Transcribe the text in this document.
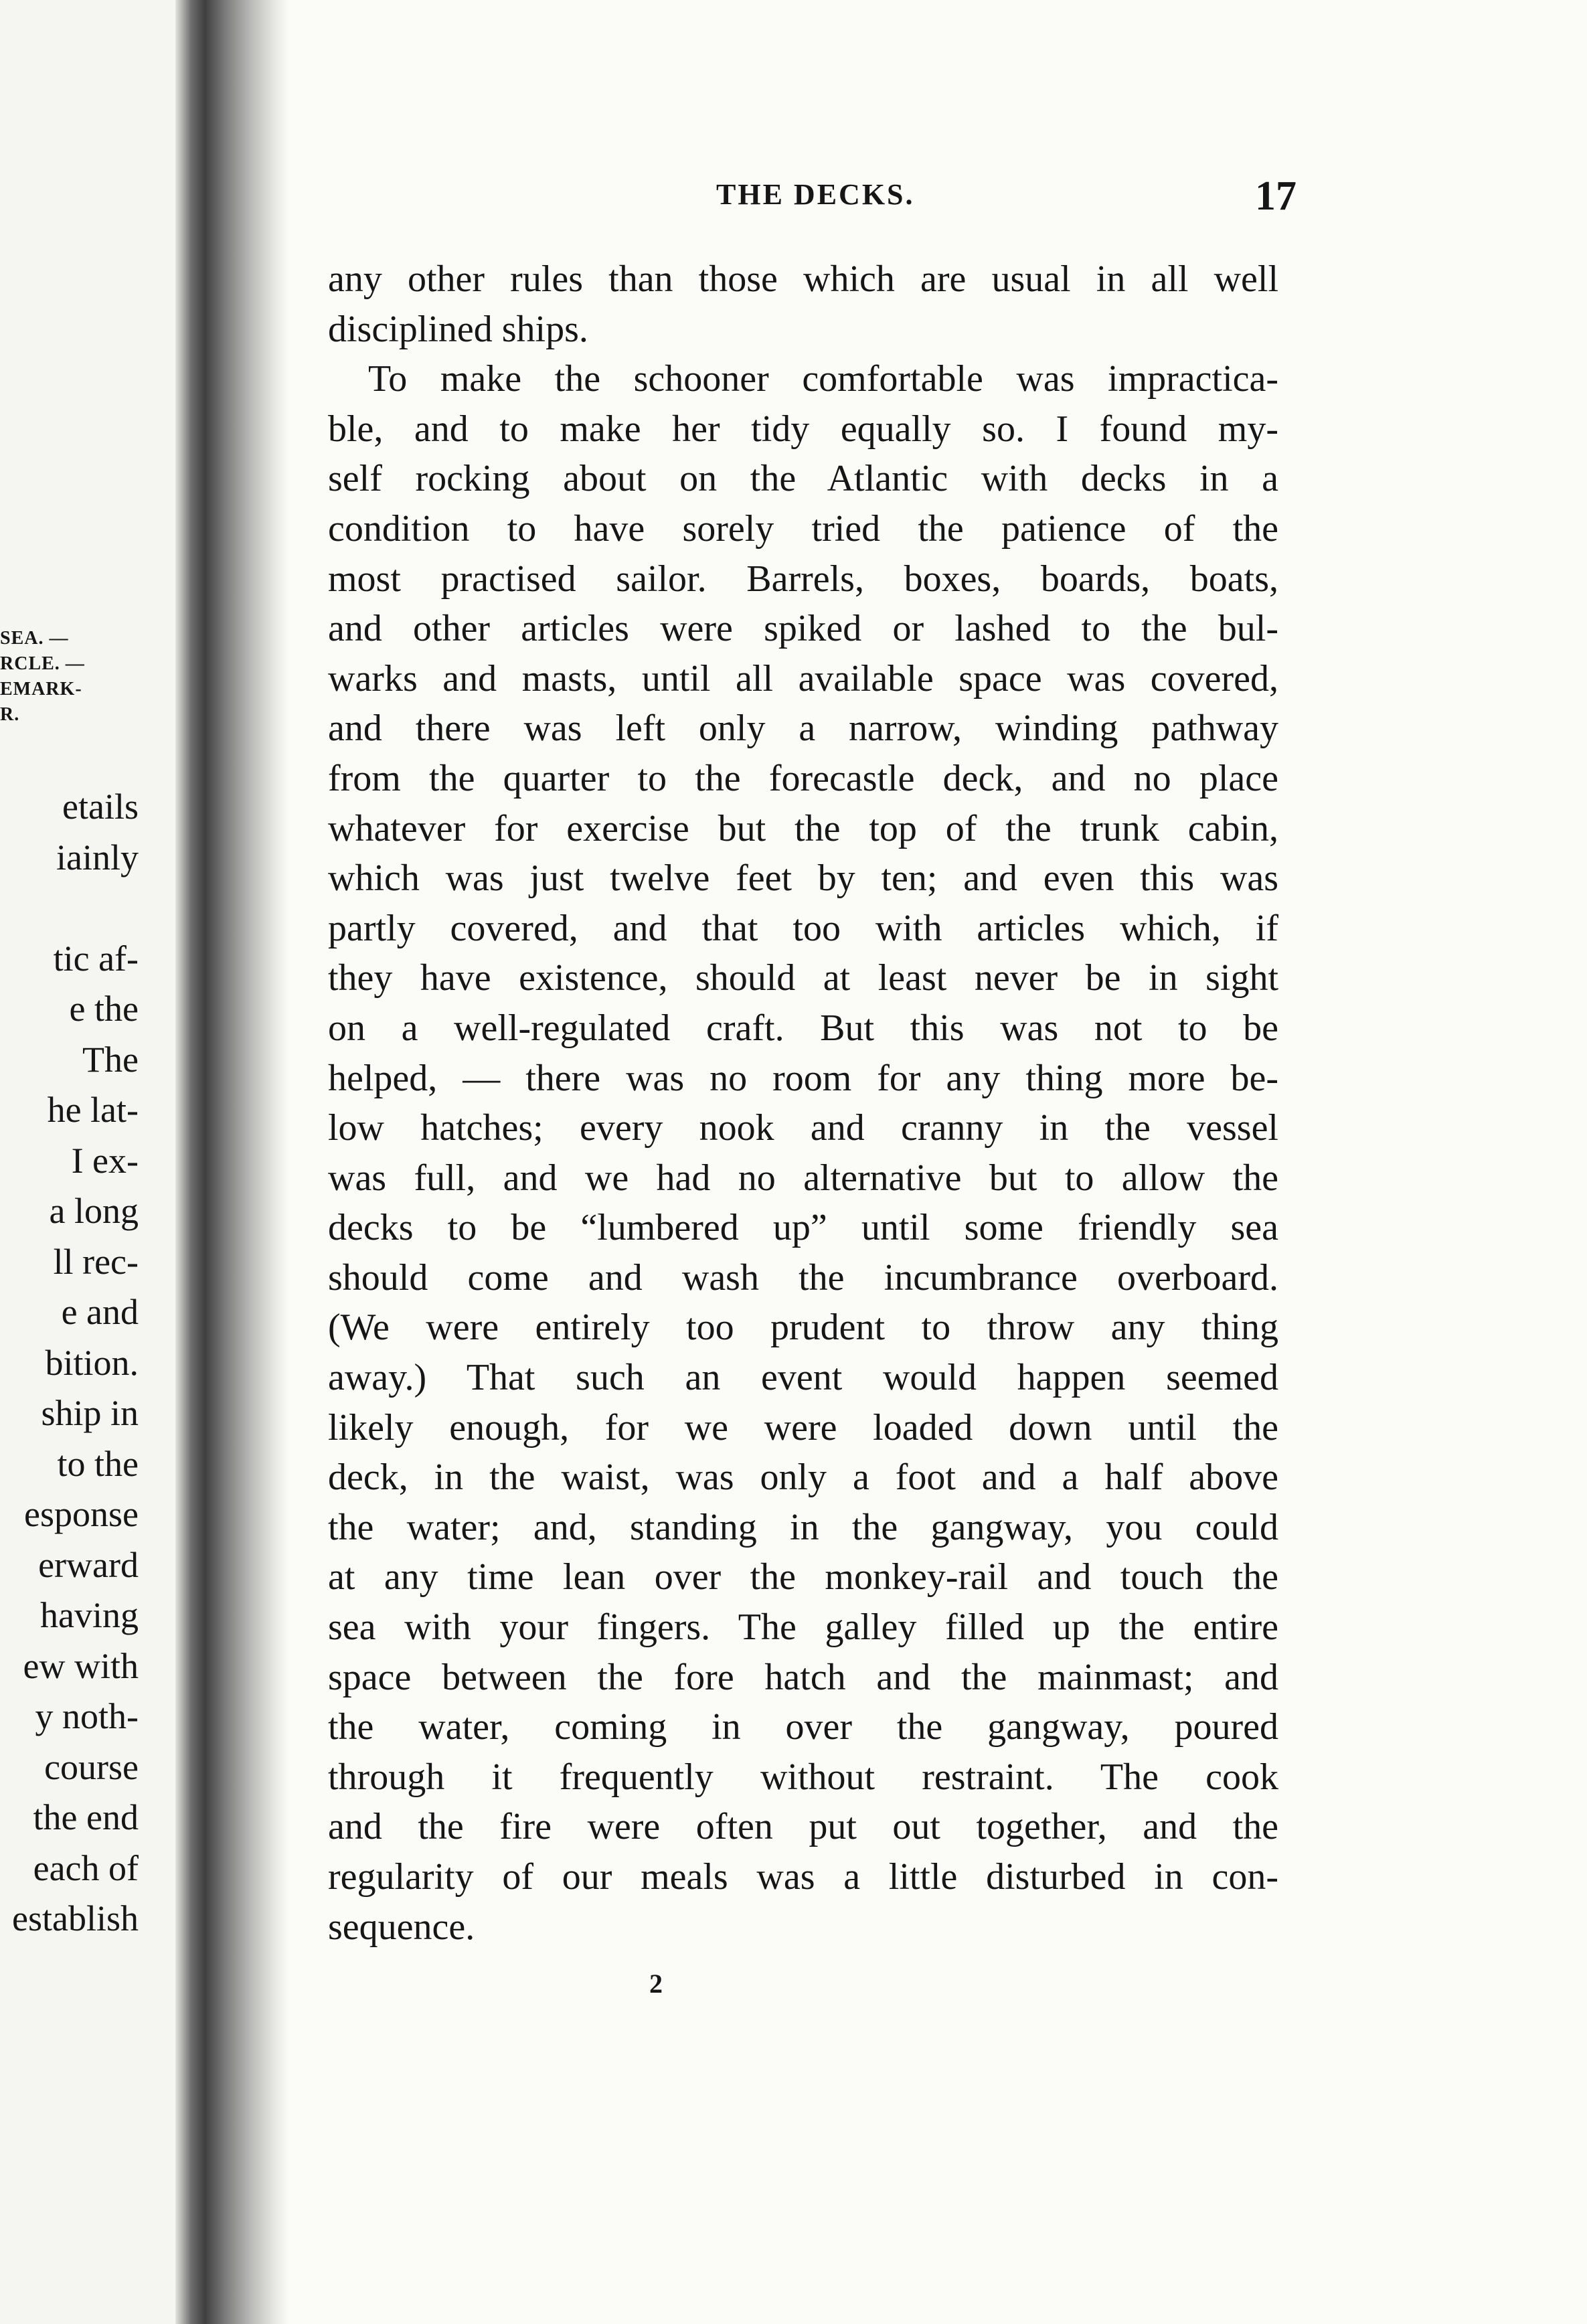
SEA. —
RCLE. —
EMARK-
R.
etails
iainly

tic af-
e the
The
he lat-
I ex-
a long
ll rec-
e and
bition.
ship in
to the
esponse
erward
having
ew with
y noth-
course
the end
each of
establish
THE DECKS.	17
any other rules than those which are usual in all well
disciplined ships.
To make the schooner comfortable was impractica-
ble, and to make her tidy equally so. I found my-
self rocking about on the Atlantic with decks in a
condition to have sorely tried the patience of the
most practised sailor. Barrels, boxes, boards, boats,
and other articles were spiked or lashed to the bul-
warks and masts, until all available space was covered,
and there was left only a narrow, winding pathway
from the quarter to the forecastle deck, and no place
whatever for exercise but the top of the trunk cabin,
which was just twelve feet by ten; and even this was
partly covered, and that too with articles which, if
they have existence, should at least never be in sight
on a well-regulated craft. But this was not to be
helped, — there was no room for any thing more be-
low hatches; every nook and cranny in the vessel
was full, and we had no alternative but to allow the
decks to be “lumbered up” until some friendly sea
should come and wash the incumbrance overboard.
(We were entirely too prudent to throw any thing
away.) That such an event would happen seemed
likely enough, for we were loaded down until the
deck, in the waist, was only a foot and a half above
the water; and, standing in the gangway, you could
at any time lean over the monkey-rail and touch the
sea with your fingers. The galley filled up the entire
space between the fore hatch and the mainmast; and
the water, coming in over the gangway, poured
through it frequently without restraint. The cook
and the fire were often put out together, and the
regularity of our meals was a little disturbed in con-
sequence.
2
